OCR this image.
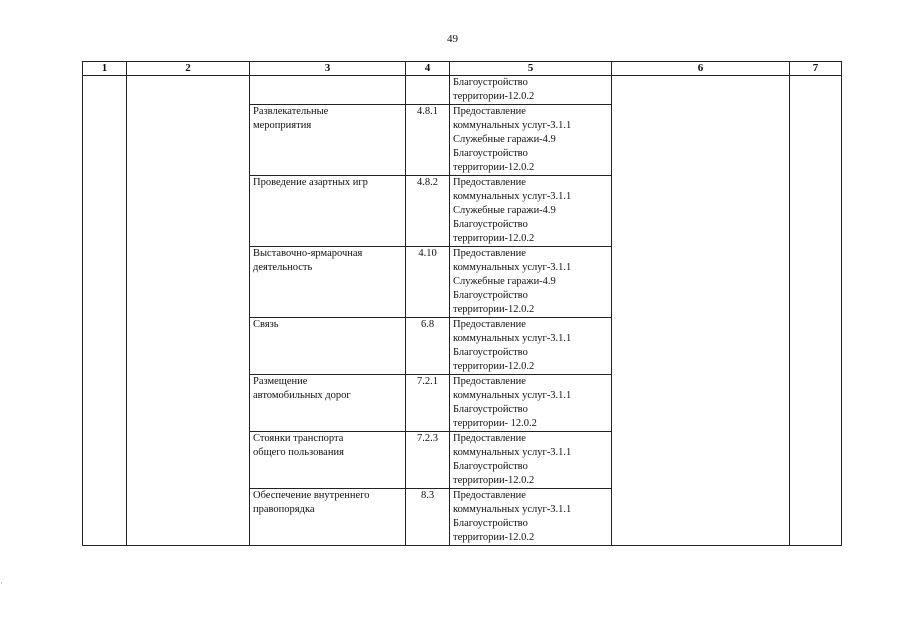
49
1	2	3	4	5	6	7

				Благоустройство
территории-12.0.2		

		Развлекательные
мероприятия	4.8.1	Предоставление
коммунальных услуг-3.1.1
Служебные гаражи-4.9
Благоустройство
территории-12.0.2		

		Проведение азартных игр	4.8.2	Предоставление
коммунальных услуг-3.1.1
Служебные гаражи-4.9
Благоустройство
территории-12.0.2		

		Выставочно-ярмарочная
деятельность	4.10	Предоставление
коммунальных услуг-3.1.1
Служебные гаражи-4.9
Благоустройство
территории-12.0.2		

		Связь	6.8	Предоставление
коммунальных услуг-3.1.1
Благоустройство
территории-12.0.2		

		Размещение
автомобильных дорог	7.2.1	Предоставление
коммунальных услуг-3.1.1
Благоустройство
территории- 12.0.2		

		Стоянки транспорта
общего пользования	7.2.3	Предоставление
коммунальных услуг-3.1.1
Благоустройство
территории-12.0.2		

		Обеспечение внутреннего
правопорядка	8.3	Предоставление
коммунальных услуг-3.1.1
Благоустройство
территории-12.0.2		
·
